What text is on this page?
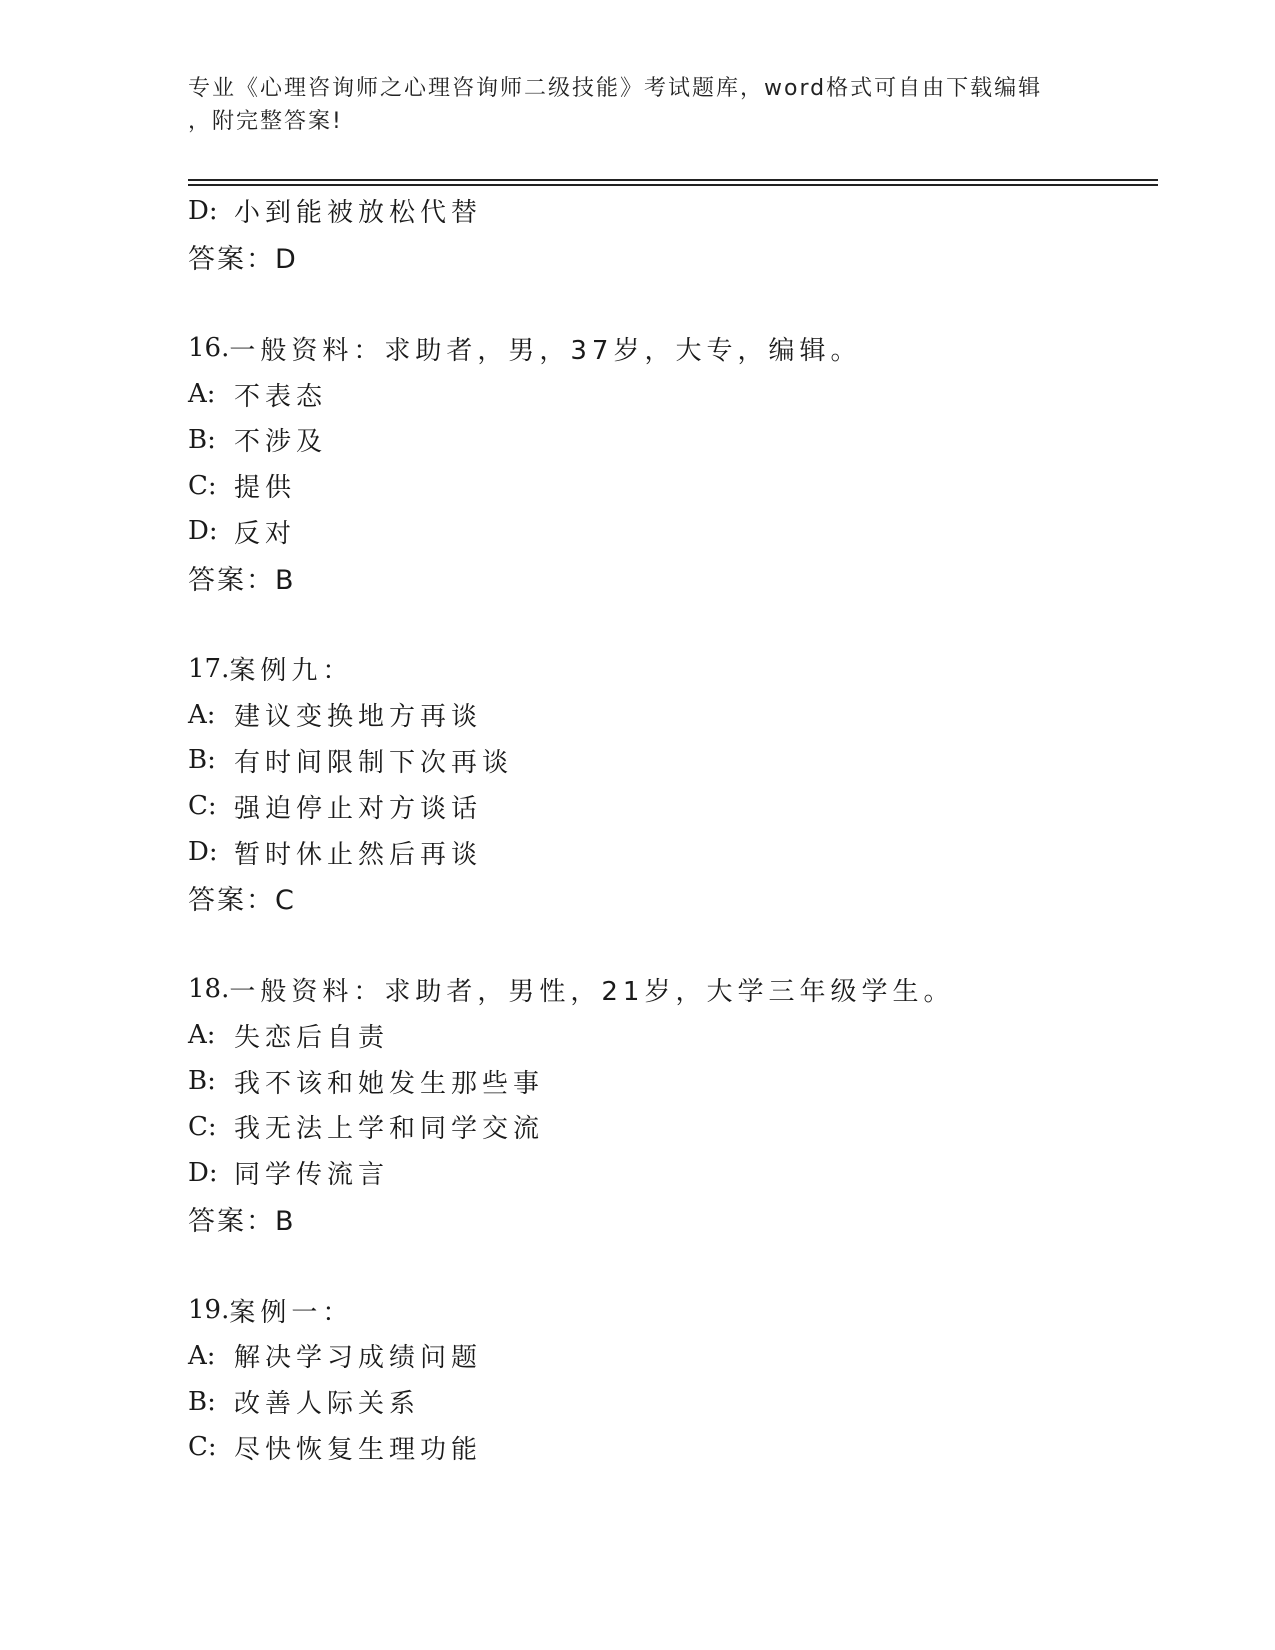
专业《心理咨询师之心理咨询师二级技能》考试题库，word格式可自由下载编辑
，附完整答案!
D: 小到能被放松代替
答案：D
16. 一般资料：求助者，男，37岁，大专，编辑。
A: 不表态
B: 不涉及
C: 提供
D: 反对
答案：B
17. 案例九：
A: 建议变换地方再谈
B: 有时间限制下次再谈
C: 强迫停止对方谈话
D: 暂时休止然后再谈
答案：C
18. 一般资料：求助者，男性，21岁，大学三年级学生。
A: 失恋后自责
B: 我不该和她发生那些事
C: 我无法上学和同学交流
D: 同学传流言
答案：B
19. 案例一：
A: 解决学习成绩问题
B: 改善人际关系
C: 尽快恢复生理功能
